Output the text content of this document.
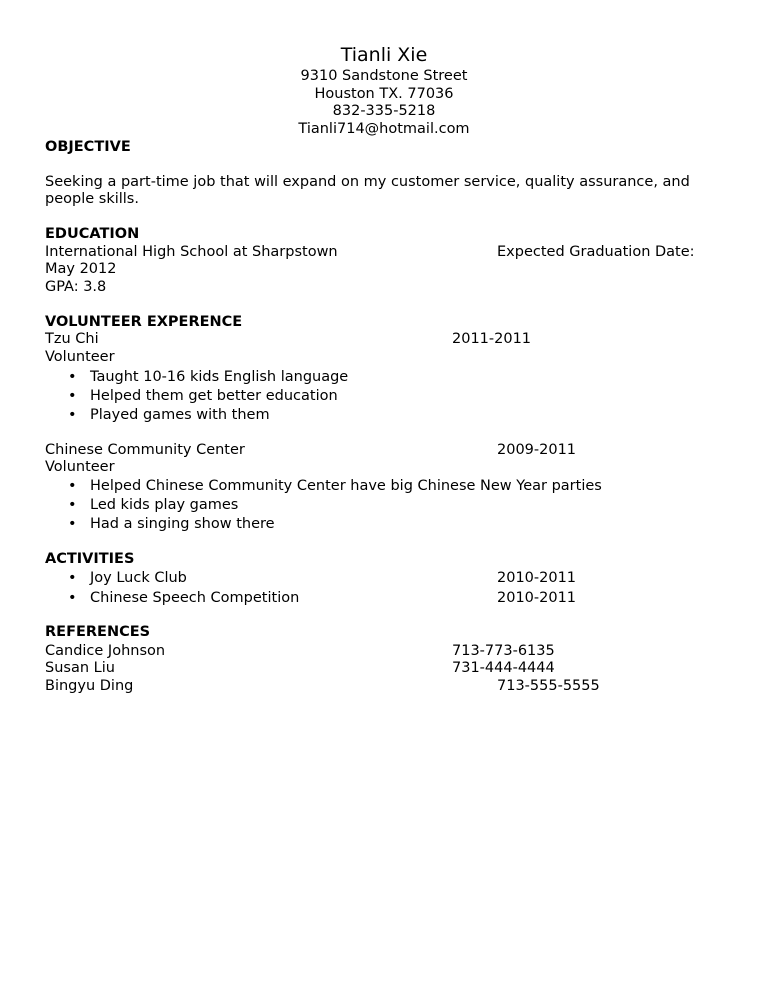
Tianli Xie
9310 Sandstone Street
Houston TX. 77036
832-335-5218
Tianli714@hotmail.com
OBJECTIVE
Seeking a part-time job that will expand on my customer service, quality assurance, and
people skills.
EDUCATION
International High School at Sharpstown	Expected Graduation Date:
May 2012
GPA: 3.8
VOLUNTEER EXPERENCE
Tzu Chi	2011-2011
Volunteer
• Taught 10-16 kids English language
• Helped them get better education
• Played games with them
Chinese Community Center	2009-2011
Volunteer
• Helped Chinese Community Center have big Chinese New Year parties
• Led kids play games
• Had a singing show there
ACTIVITIES
• Joy Luck Club	2010-2011
• Chinese Speech Competition	2010-2011
REFERENCES
Candice Johnson	713-773-6135
Susan Liu	731-444-4444
Bingyu Ding	713-555-5555
